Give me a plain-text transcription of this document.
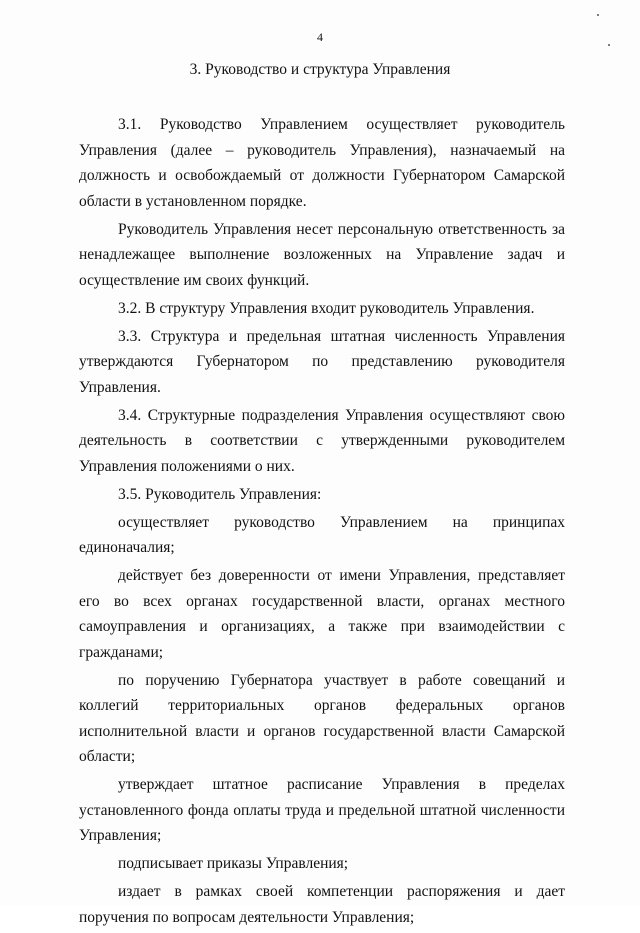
4
3. Руководство и структура Управления

3.1. Руководство Управлением осуществляет руководитель Управления (далее – руководитель Управления), назначаемый на должность и освобождаемый от должности Губернатором Самарской области в установленном порядке.

Руководитель Управления несет персональную ответственность за ненадлежащее выполнение возложенных на Управление задач и осуществление им своих функций.

3.2. В структуру Управления входит руководитель Управления.

3.3. Структура и предельная штатная численность Управления утверждаются Губернатором по представлению руководителя Управления.

3.4. Структурные подразделения Управления осуществляют свою деятельность в соответствии с утвержденными руководителем Управления положениями о них.

3.5. Руководитель Управления:

осуществляет руководство Управлением на принципах единоначалия;

действует без доверенности от имени Управления, представляет его во всех органах государственной власти, органах местного самоуправления и организациях, а также при взаимодействии с гражданами;

по поручению Губернатора участвует в работе совещаний и коллегий территориальных органов федеральных органов исполнительной власти и органов государственной власти Самарской области;

утверждает штатное расписание Управления в пределах установленного фонда оплаты труда и предельной штатной численности Управления;

подписывает приказы Управления;

издает в рамках своей компетенции распоряжения и дает поручения по вопросам деятельности Управления;
